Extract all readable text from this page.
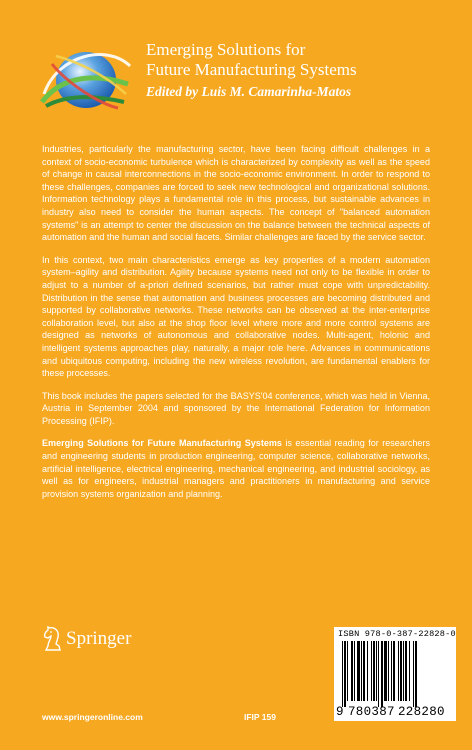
Emerging Solutions for
Future Manufacturing Systems
Edited by Luis M. Camarinha-Matos

Industries, particularly the manufacturing sector, have been facing difficult challenges in a context of socio-economic turbulence which is characterized by complexity as well as the speed of change in causal interconnections in the socio-economic environment. In order to respond to these challenges, companies are forced to seek new technological and organizational solutions. Information technology plays a fundamental role in this process, but sustainable advances in industry also need to consider the human aspects. The concept of "balanced automation systems" is an attempt to center the discussion on the balance between the technical aspects of automation and the human and social facets. Similar challenges are faced by the service sector.

In this context, two main characteristics emerge as key properties of a modern automation system–agility and distribution. Agility because systems need not only to be flexible in order to adjust to a number of a-priori defined scenarios, but rather must cope with unpredictability. Distribution in the sense that automation and business processes are becoming distributed and supported by collaborative networks. These networks can be observed at the inter-enterprise collaboration level, but also at the shop floor level where more and more control systems are designed as networks of autonomous and collaborative nodes. Multi-agent, holonic and intelligent systems approaches play, naturally, a major role here. Advances in communications and ubiquitous computing, including the new wireless revolution, are fundamental enablers for these processes.

This book includes the papers selected for the BASYS'04 conference, which was held in Vienna, Austria in September 2004 and sponsored by the International Federation for Information Processing (IFIP).

Emerging Solutions for Future Manufacturing Systems is essential reading for researchers and engineering students in production engineering, computer science, collaborative networks, artificial intelligence, electrical engineering, mechanical engineering, and industrial sociology, as well as for engineers, industrial managers and practitioners in manufacturing and service provision systems organization and planning.

Springer	ISBN 978-0-387-22828-0
9 780387 228280
www.springeronline.com	IFIP 159
